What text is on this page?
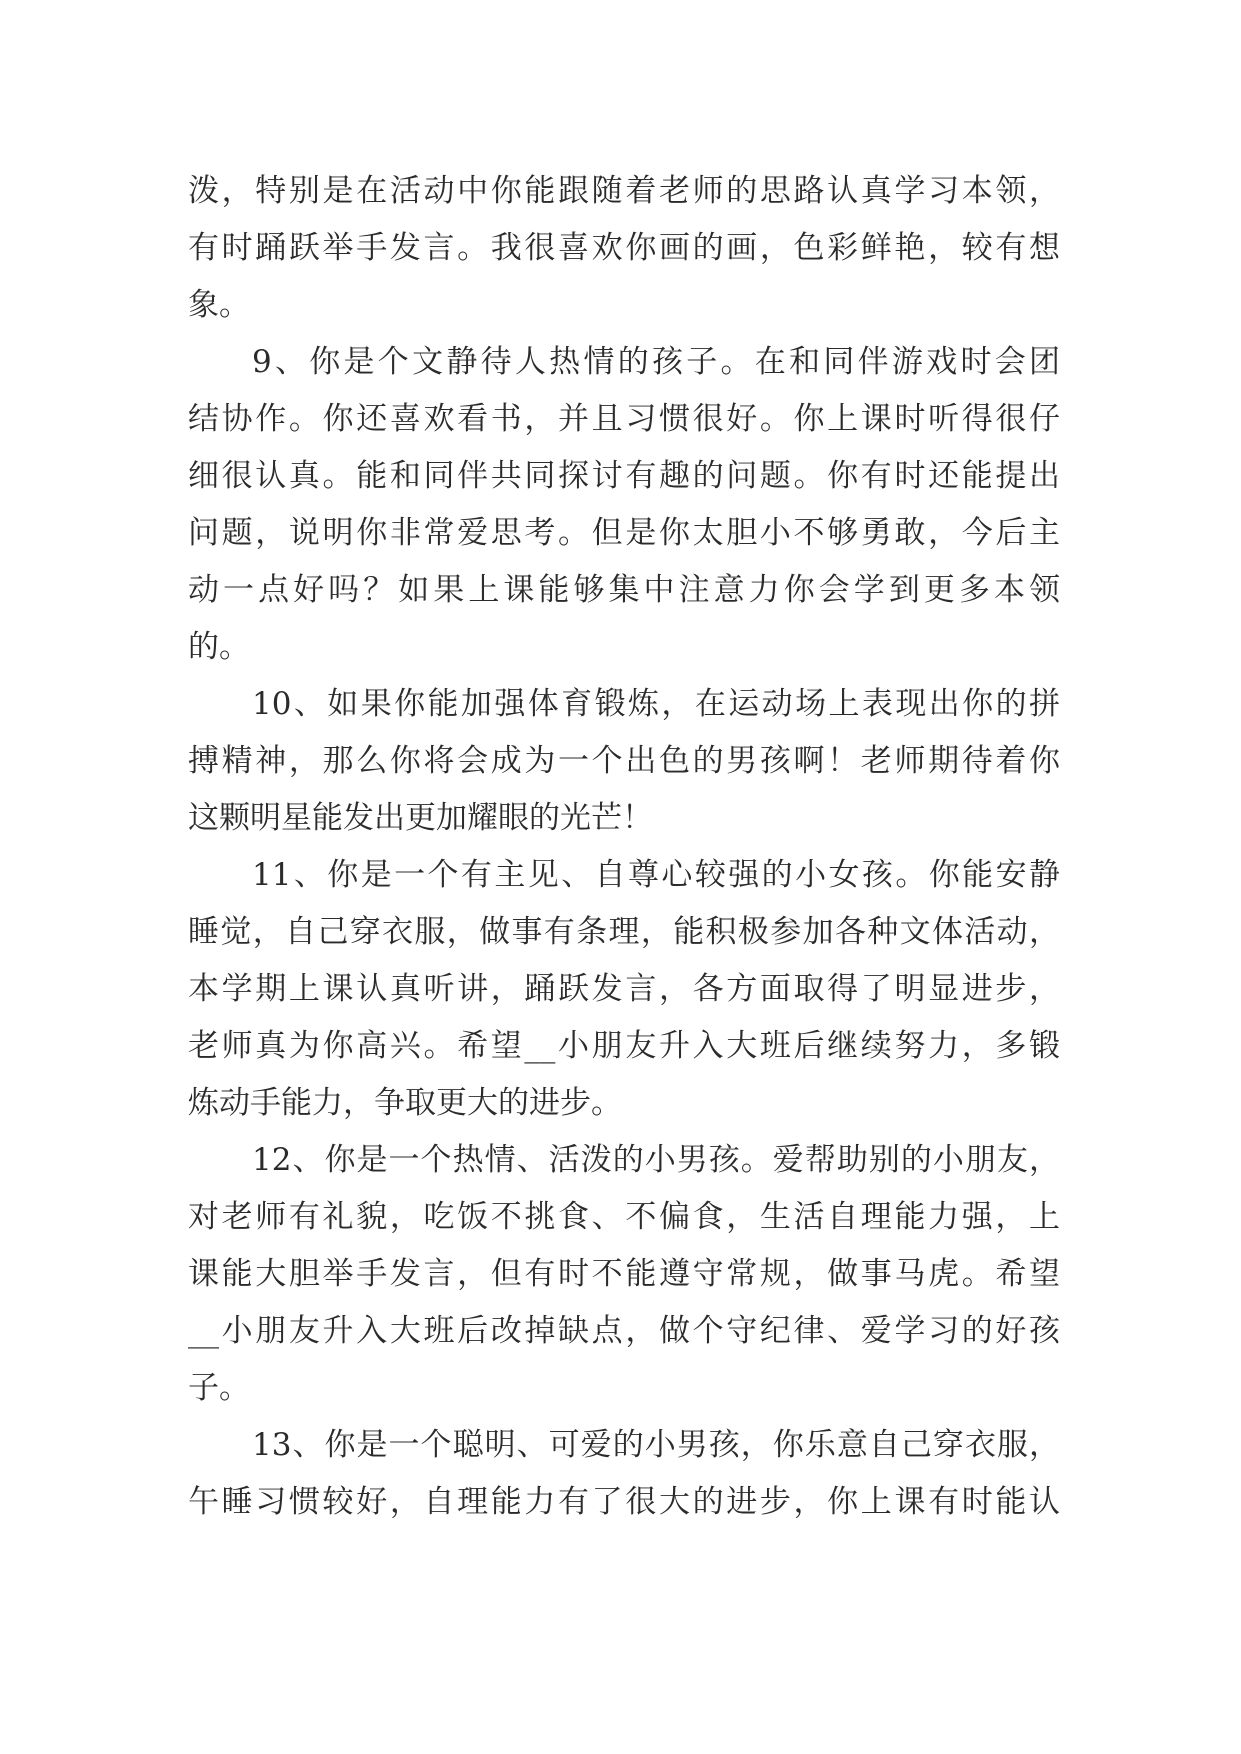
泼，特别是在活动中你能跟随着老师的思路认真学习本领，
有时踊跃举手发言。我很喜欢你画的画，色彩鲜艳，较有想
象。
9、你是个文静待人热情的孩子。在和同伴游戏时会团
结协作。你还喜欢看书，并且习惯很好。你上课时听得很仔
细很认真。能和同伴共同探讨有趣的问题。你有时还能提出
问题，说明你非常爱思考。但是你太胆小不够勇敢，今后主
动一点好吗？如果上课能够集中注意力你会学到更多本领
的。
10、如果你能加强体育锻炼，在运动场上表现出你的拼
搏精神，那么你将会成为一个出色的男孩啊！老师期待着你
这颗明星能发出更加耀眼的光芒！
11、你是一个有主见、自尊心较强的小女孩。你能安静
睡觉，自己穿衣服，做事有条理，能积极参加各种文体活动，
本学期上课认真听讲，踊跃发言，各方面取得了明显进步，
老师真为你高兴。希望__小朋友升入大班后继续努力，多锻
炼动手能力，争取更大的进步。
12、你是一个热情、活泼的小男孩。爱帮助别的小朋友，
对老师有礼貌，吃饭不挑食、不偏食，生活自理能力强，上
课能大胆举手发言，但有时不能遵守常规，做事马虎。希望
__小朋友升入大班后改掉缺点，做个守纪律、爱学习的好孩
子。
13、你是一个聪明、可爱的小男孩，你乐意自己穿衣服，
午睡习惯较好，自理能力有了很大的进步，你上课有时能认
